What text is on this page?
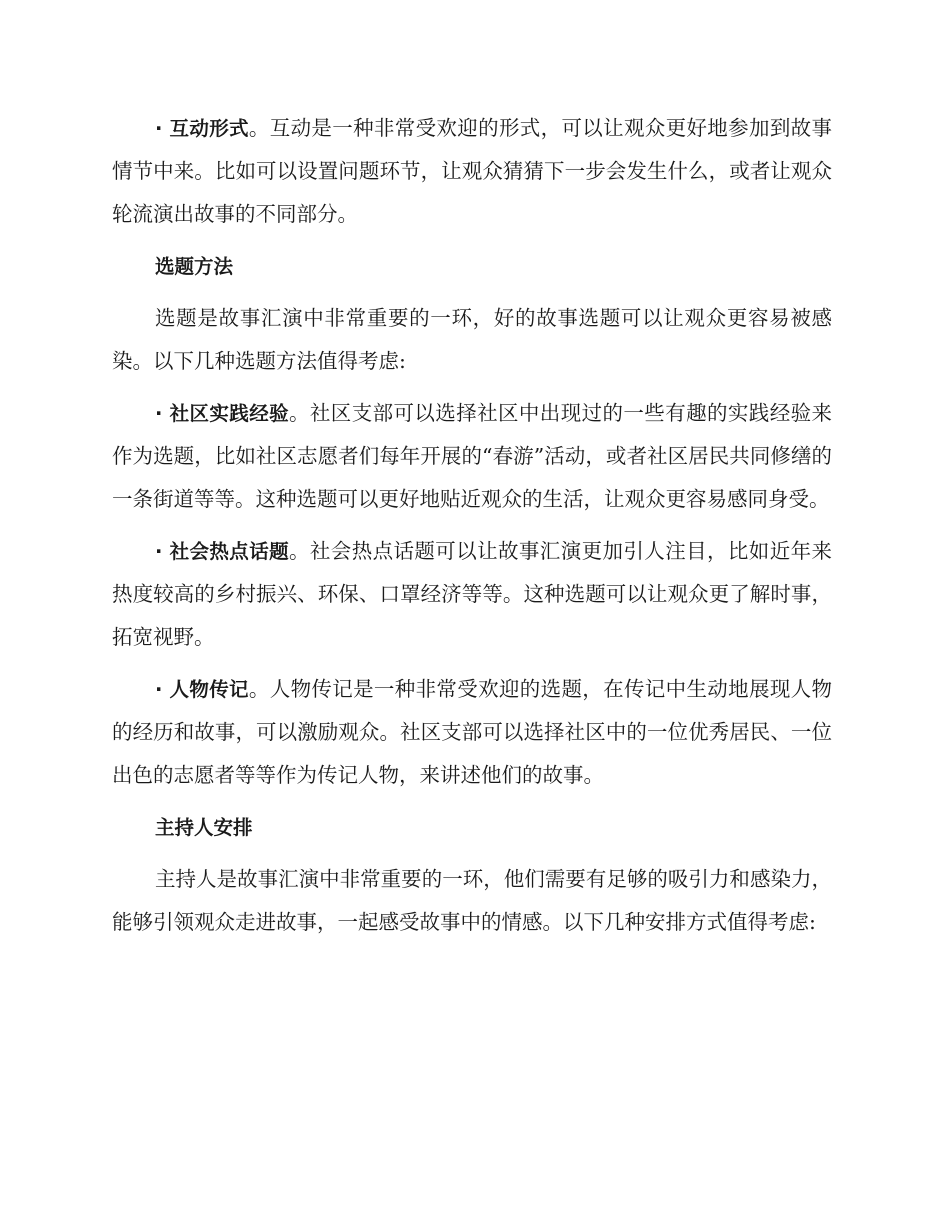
· 互动形式。互动是一种非常受欢迎的形式，可以让观众更好地参加到故事情节中来。比如可以设置问题环节，让观众猜猜下一步会发生什么，或者让观众轮流演出故事的不同部分。

选题方法

选题是故事汇演中非常重要的一环，好的故事选题可以让观众更容易被感染。以下几种选题方法值得考虑:

· 社区实践经验。社区支部可以选择社区中出现过的一些有趣的实践经验来作为选题，比如社区志愿者们每年开展的“春游”活动，或者社区居民共同修缮的一条街道等等。这种选题可以更好地贴近观众的生活，让观众更容易感同身受。

· 社会热点话题。社会热点话题可以让故事汇演更加引人注目，比如近年来热度较高的乡村振兴、环保、口罩经济等等。这种选题可以让观众更了解时事，拓宽视野。

· 人物传记。人物传记是一种非常受欢迎的选题，在传记中生动地展现人物的经历和故事，可以激励观众。社区支部可以选择社区中的一位优秀居民、一位出色的志愿者等等作为传记人物，来讲述他们的故事。

主持人安排

主持人是故事汇演中非常重要的一环，他们需要有足够的吸引力和感染力，能够引领观众走进故事，一起感受故事中的情感。以下几种安排方式值得考虑:
